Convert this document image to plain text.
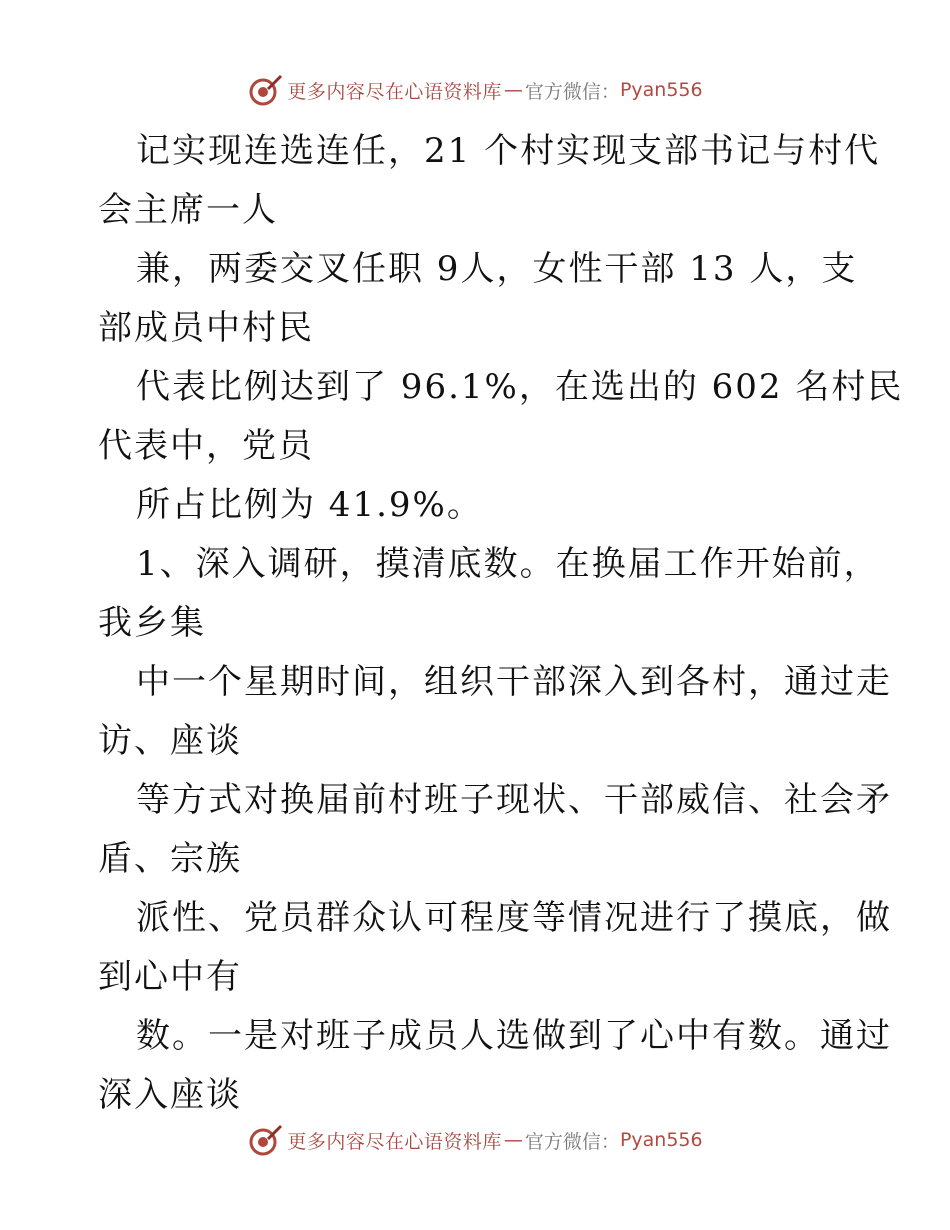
更多内容尽在心语资料库 — 官方微信： Pyan556
记实现连选连任，21 个村实现支部书记与村代
会主席一人
兼，两委交叉任职 9人，女性干部 13 人，支
部成员中村民
代表比例达到了 96.1%，在选出的 602 名村民
代表中，党员
所占比例为 41.9%。
1、深入调研，摸清底数。在换届工作开始前，
我乡集
中一个星期时间，组织干部深入到各村，通过走
访、座谈
等方式对换届前村班子现状、干部威信、社会矛
盾、宗族
派性、党员群众认可程度等情况进行了摸底，做
到心中有
数。一是对班子成员人选做到了心中有数。通过
深入座谈
更多内容尽在心语资料库 — 官方微信： Pyan556
